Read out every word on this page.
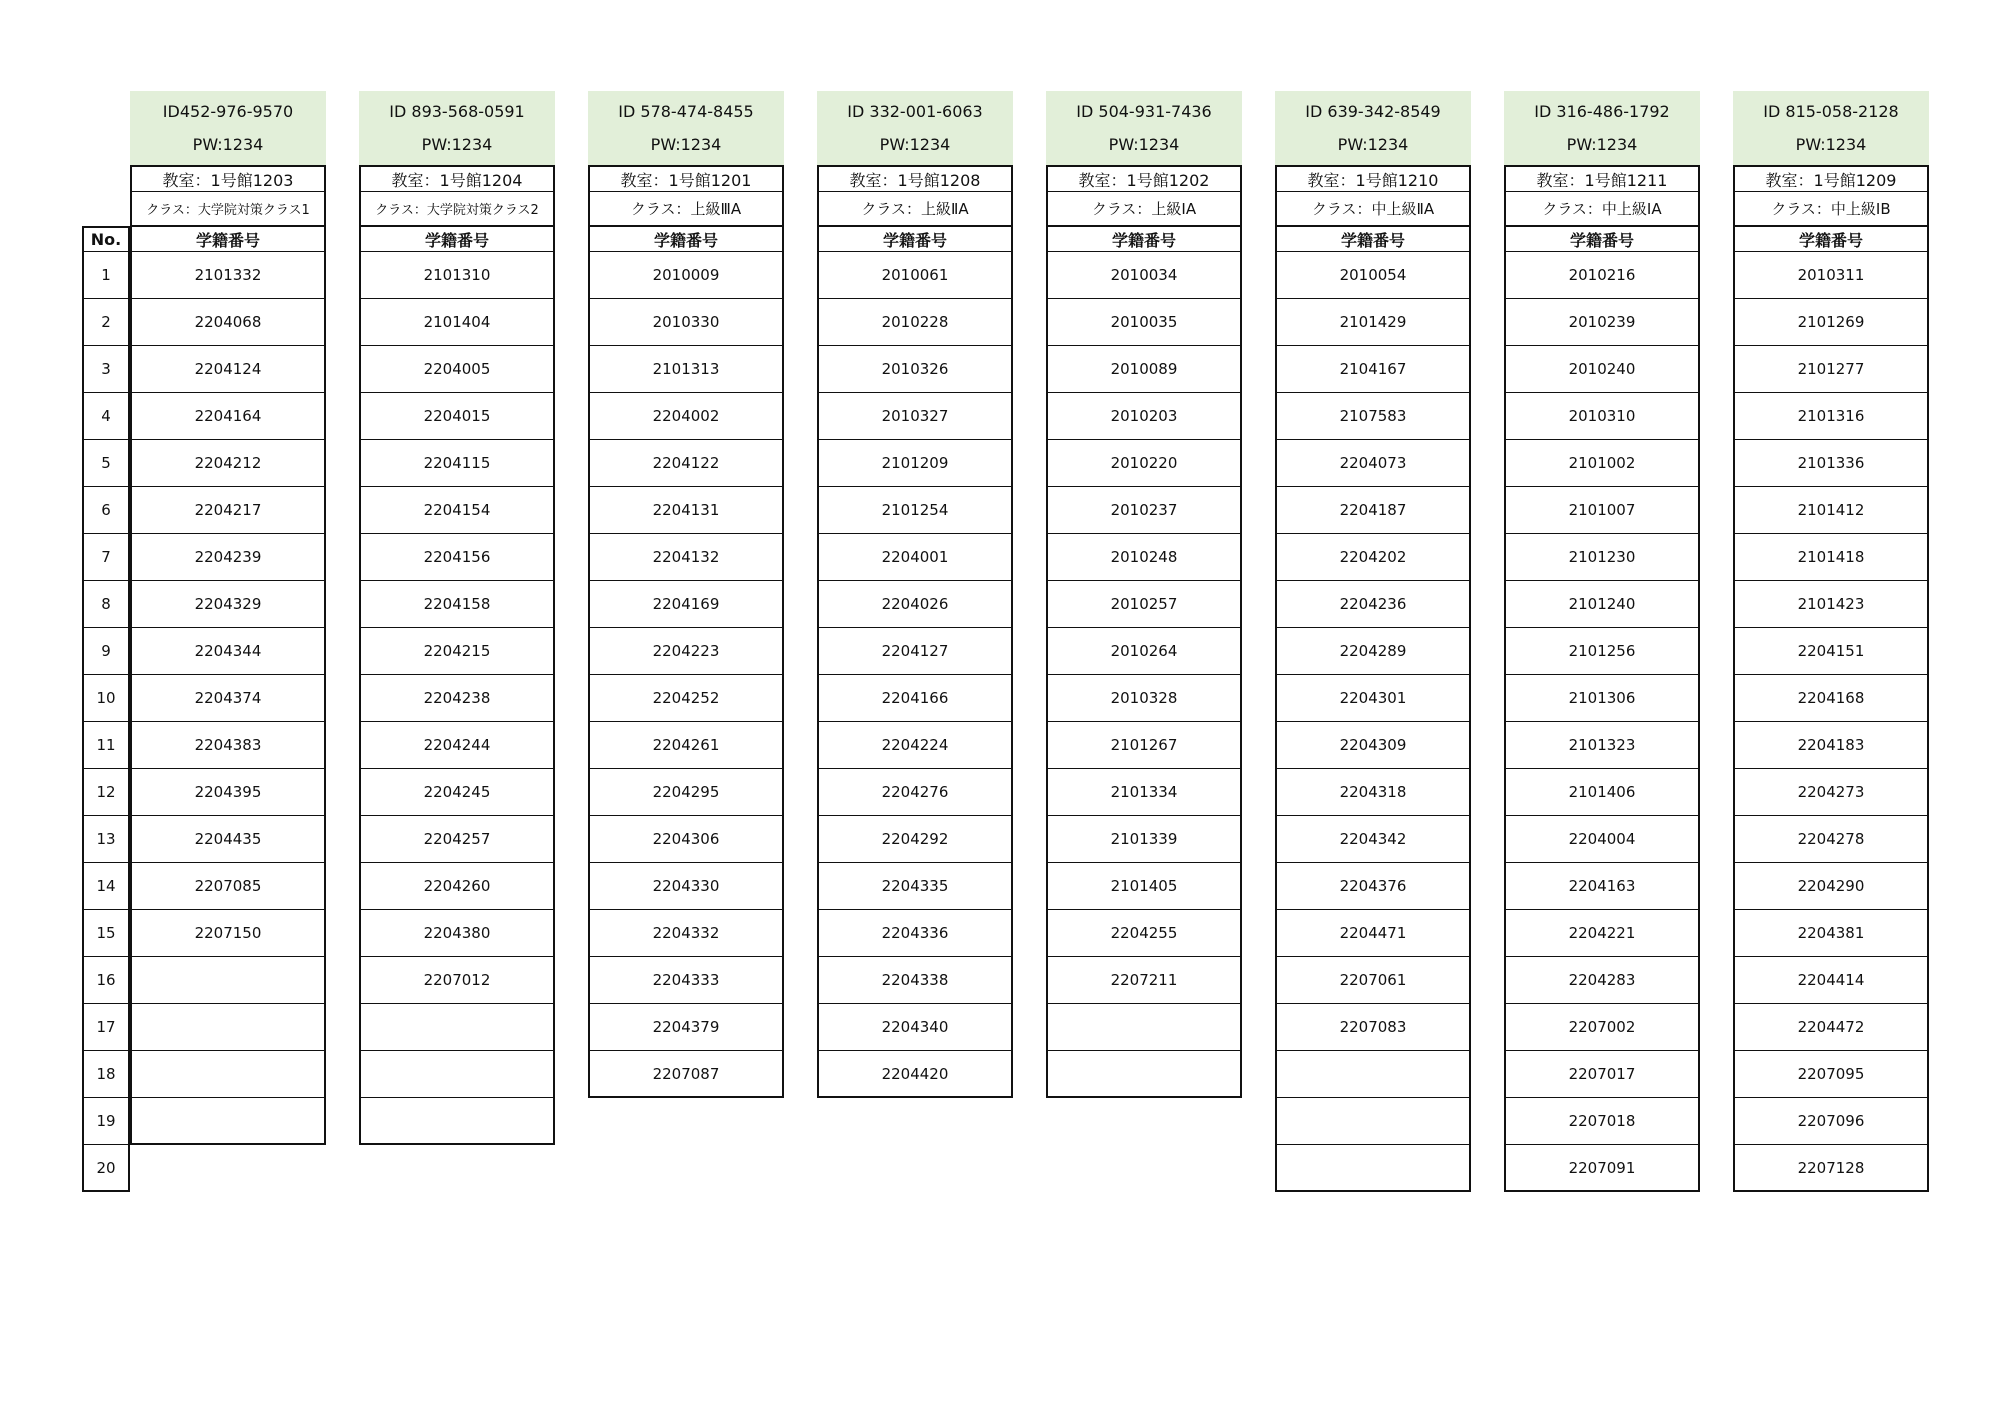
No.
1
2
3
4
5
6
7
8
9
10
11
12
13
14
15
16
17
18
19
20
ID452-976-9570
PW:1234
教室：1号館1203
クラス：大学院対策クラス1
学籍番号
2101332
2204068
2204124
2204164
2204212
2204217
2204239
2204329
2204344
2204374
2204383
2204395
2204435
2207085
2207150
ID 893-568-0591
PW:1234
教室：1号館1204
クラス：大学院対策クラス2
学籍番号
2101310
2101404
2204005
2204015
2204115
2204154
2204156
2204158
2204215
2204238
2204244
2204245
2204257
2204260
2204380
2207012
ID 578-474-8455
PW:1234
教室：1号館1201
クラス：上級ⅢA
学籍番号
2010009
2010330
2101313
2204002
2204122
2204131
2204132
2204169
2204223
2204252
2204261
2204295
2204306
2204330
2204332
2204333
2204379
2207087
ID 332-001-6063
PW:1234
教室：1号館1208
クラス：上級ⅡA
学籍番号
2010061
2010228
2010326
2010327
2101209
2101254
2204001
2204026
2204127
2204166
2204224
2204276
2204292
2204335
2204336
2204338
2204340
2204420
ID 504-931-7436
PW:1234
教室：1号館1202
クラス：上級ⅠA
学籍番号
2010034
2010035
2010089
2010203
2010220
2010237
2010248
2010257
2010264
2010328
2101267
2101334
2101339
2101405
2204255
2207211
ID 639-342-8549
PW:1234
教室：1号館1210
クラス：中上級ⅡA
学籍番号
2010054
2101429
2104167
2107583
2204073
2204187
2204202
2204236
2204289
2204301
2204309
2204318
2204342
2204376
2204471
2207061
2207083
ID 316-486-1792
PW:1234
教室：1号館1211
クラス：中上級ⅠA
学籍番号
2010216
2010239
2010240
2010310
2101002
2101007
2101230
2101240
2101256
2101306
2101323
2101406
2204004
2204163
2204221
2204283
2207002
2207017
2207018
2207091
ID 815-058-2128
PW:1234
教室：1号館1209
クラス：中上級ⅠB
学籍番号
2010311
2101269
2101277
2101316
2101336
2101412
2101418
2101423
2204151
2204168
2204183
2204273
2204278
2204290
2204381
2204414
2204472
2207095
2207096
2207128
